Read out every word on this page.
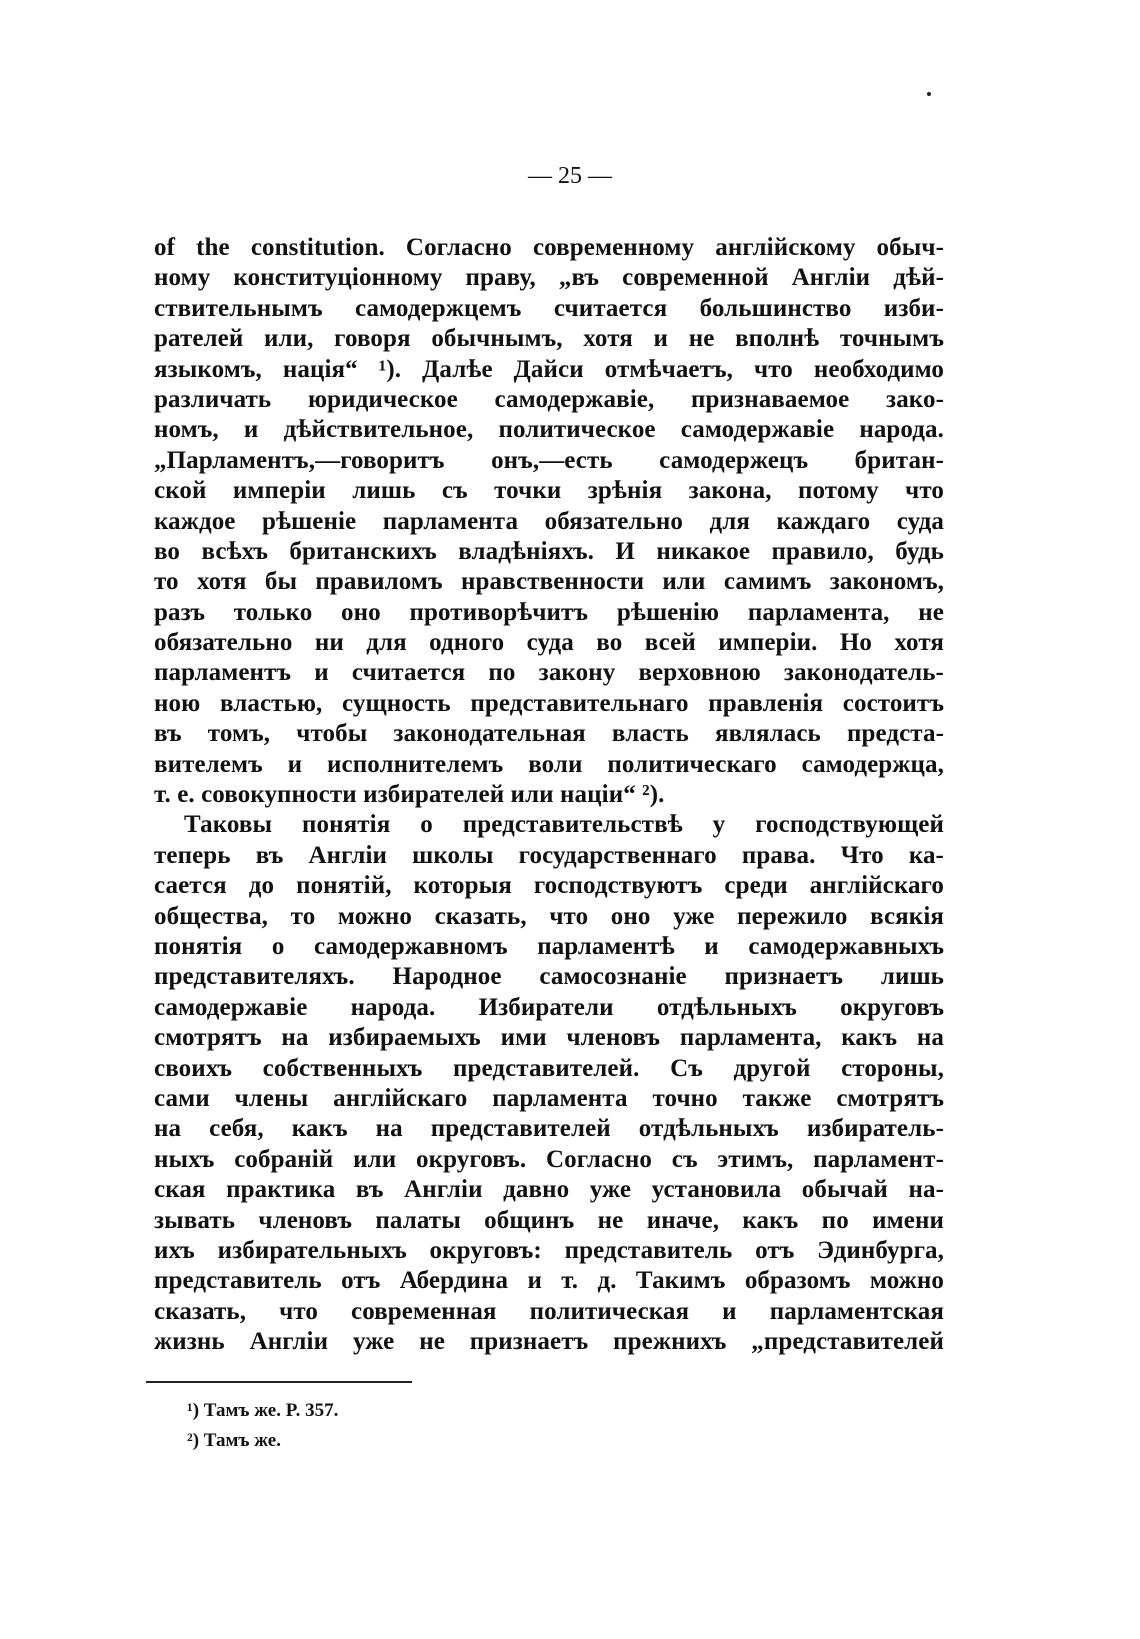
— 25 —
of the constitution. Согласно современному англійскому обыч-
ному конституціонному праву, „въ современной Англіи дѣй-
ствительнымъ самодержцемъ считается большинство изби-
рателей или, говоря обычнымъ, хотя и не вполнѣ точнымъ
языкомъ, нація“ ¹). Далѣе Дайси отмѣчаетъ, что необходимо
различать юридическое самодержавіе, признаваемое зако-
номъ, и дѣйствительное, политическое самодержавіе народа.
„Парламентъ,—говоритъ онъ,—есть самодержецъ британ-
ской имперіи лишь съ точки зрѣнія закона, потому что
каждое рѣшеніе парламента обязательно для каждаго суда
во всѣхъ британскихъ владѣніяхъ. И никакое правило, будь
то хотя бы правиломъ нравственности или самимъ закономъ,
разъ только оно противорѣчитъ рѣшенію парламента, не
обязательно ни для одного суда во всей имперіи. Но хотя
парламентъ и считается по закону верховною законодатель-
ною властью, сущность представительнаго правленія состоитъ
въ томъ, чтобы законодательная власть являлась предста-
вителемъ и исполнителемъ воли политическаго самодержца,
т. е. совокупности избирателей или націи“ ²).
Таковы понятія о представительствѣ у господствующей
теперь въ Англіи школы государственнаго права. Что ка-
сается до понятій, которыя господствуютъ среди англійскаго
общества, то можно сказать, что оно уже пережило всякія
понятія о самодержавномъ парламентѣ и самодержавныхъ
представителяхъ. Народное самосознаніе признаетъ лишь
самодержавіе народа. Избиратели отдѣльныхъ округовъ
смотрятъ на избираемыхъ ими членовъ парламента, какъ на
своихъ собственныхъ представителей. Съ другой стороны,
сами члены англійскаго парламента точно также смотрятъ
на себя, какъ на представителей отдѣльныхъ избиратель-
ныхъ собраній или округовъ. Согласно съ этимъ, парламент-
ская практика въ Англіи давно уже установила обычай на-
зывать членовъ палаты общинъ не иначе, какъ по имени
ихъ избирательныхъ округовъ: представитель отъ Эдинбурга,
представитель отъ Абердина и т. д. Такимъ образомъ можно
сказать, что современная политическая и парламентская
жизнь Англіи уже не признаетъ прежнихъ „представителей
¹) Тамъ же. P. 357.
²) Тамъ же.
